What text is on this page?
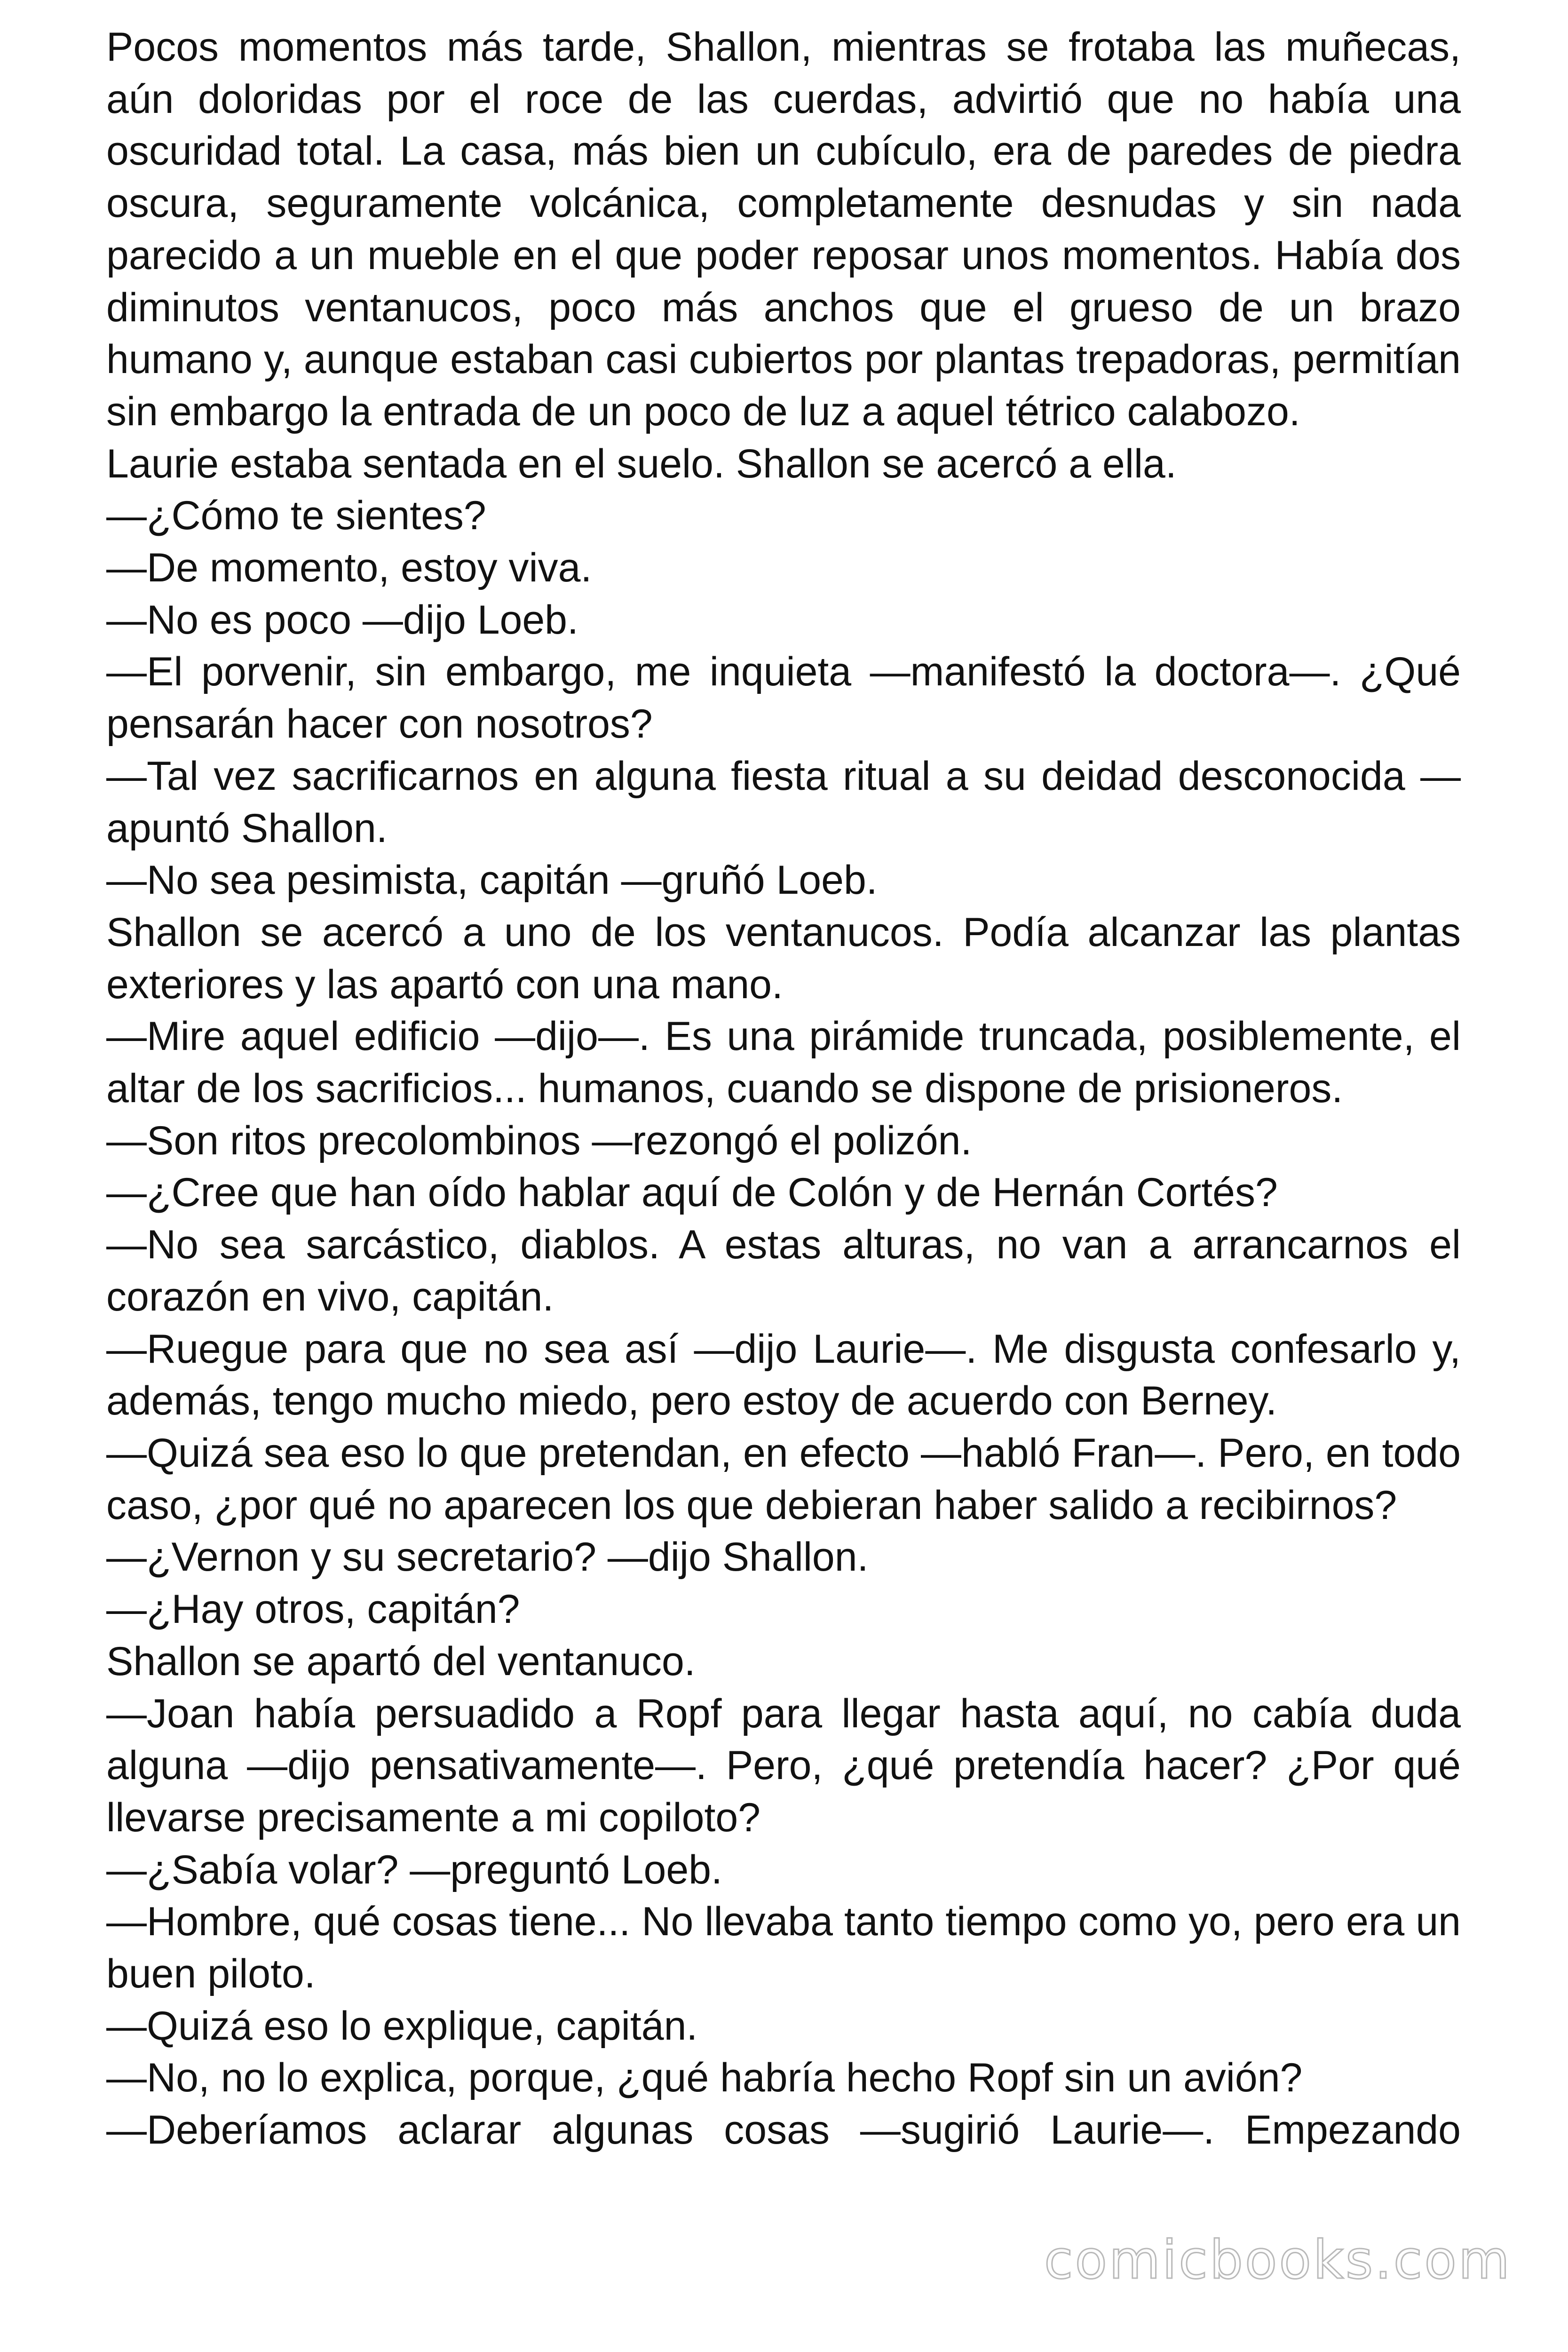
Pocos momentos más tarde, Shallon, mientras se frotaba las muñecas, aún doloridas por el roce de las cuerdas, advirtió que no había una oscuridad total. La casa, más bien un cubículo, era de paredes de piedra oscura, seguramente volcánica, completamente desnudas y sin nada parecido a un mueble en el que poder reposar unos momentos. Había dos diminutos ventanucos, poco más anchos que el grueso de un brazo humano y, aunque estaban casi cubiertos por plantas trepadoras, permitían sin embargo la entrada de un poco de luz a aquel tétrico calabozo.

Laurie estaba sentada en el suelo. Shallon se acercó a ella.

—¿Cómo te sientes?

—De momento, estoy viva.

—No es poco —dijo Loeb.

—El porvenir, sin embargo, me inquieta —manifestó la doctora—. ¿Qué pensarán hacer con nosotros?

—Tal vez sacrificarnos en alguna fiesta ritual a su deidad desconocida —apuntó Shallon.

—No sea pesimista, capitán —gruñó Loeb.

Shallon se acercó a uno de los ventanucos. Podía alcanzar las plantas exteriores y las apartó con una mano.

—Mire aquel edificio —dijo—. Es una pirámide truncada, posiblemente, el altar de los sacrificios... humanos, cuando se dispone de prisioneros.

—Son ritos precolombinos —rezongó el polizón.

—¿Cree que han oído hablar aquí de Colón y de Hernán Cortés?

—No sea sarcástico, diablos. A estas alturas, no van a arrancarnos el corazón en vivo, capitán.

—Ruegue para que no sea así —dijo Laurie—. Me disgusta confesarlo y, además, tengo mucho miedo, pero estoy de acuerdo con Berney.

—Quizá sea eso lo que pretendan, en efecto —habló Fran—. Pero, en todo caso, ¿por qué no aparecen los que debieran haber salido a recibirnos?

—¿Vernon y su secretario? —dijo Shallon.

—¿Hay otros, capitán?

Shallon se apartó del ventanuco.

—Joan había persuadido a Ropf para llegar hasta aquí, no cabía duda alguna —dijo pensativamente—. Pero, ¿qué pretendía hacer? ¿Por qué llevarse precisamente a mi copiloto?

—¿Sabía volar? —preguntó Loeb.

—Hombre, qué cosas tiene... No llevaba tanto tiempo como yo, pero era un buen piloto.

—Quizá eso lo explique, capitán.

—No, no lo explica, porque, ¿qué habría hecho Ropf sin un avión?

—Deberíamos aclarar algunas cosas —sugirió Laurie—. Empezando

comicbooks.com
